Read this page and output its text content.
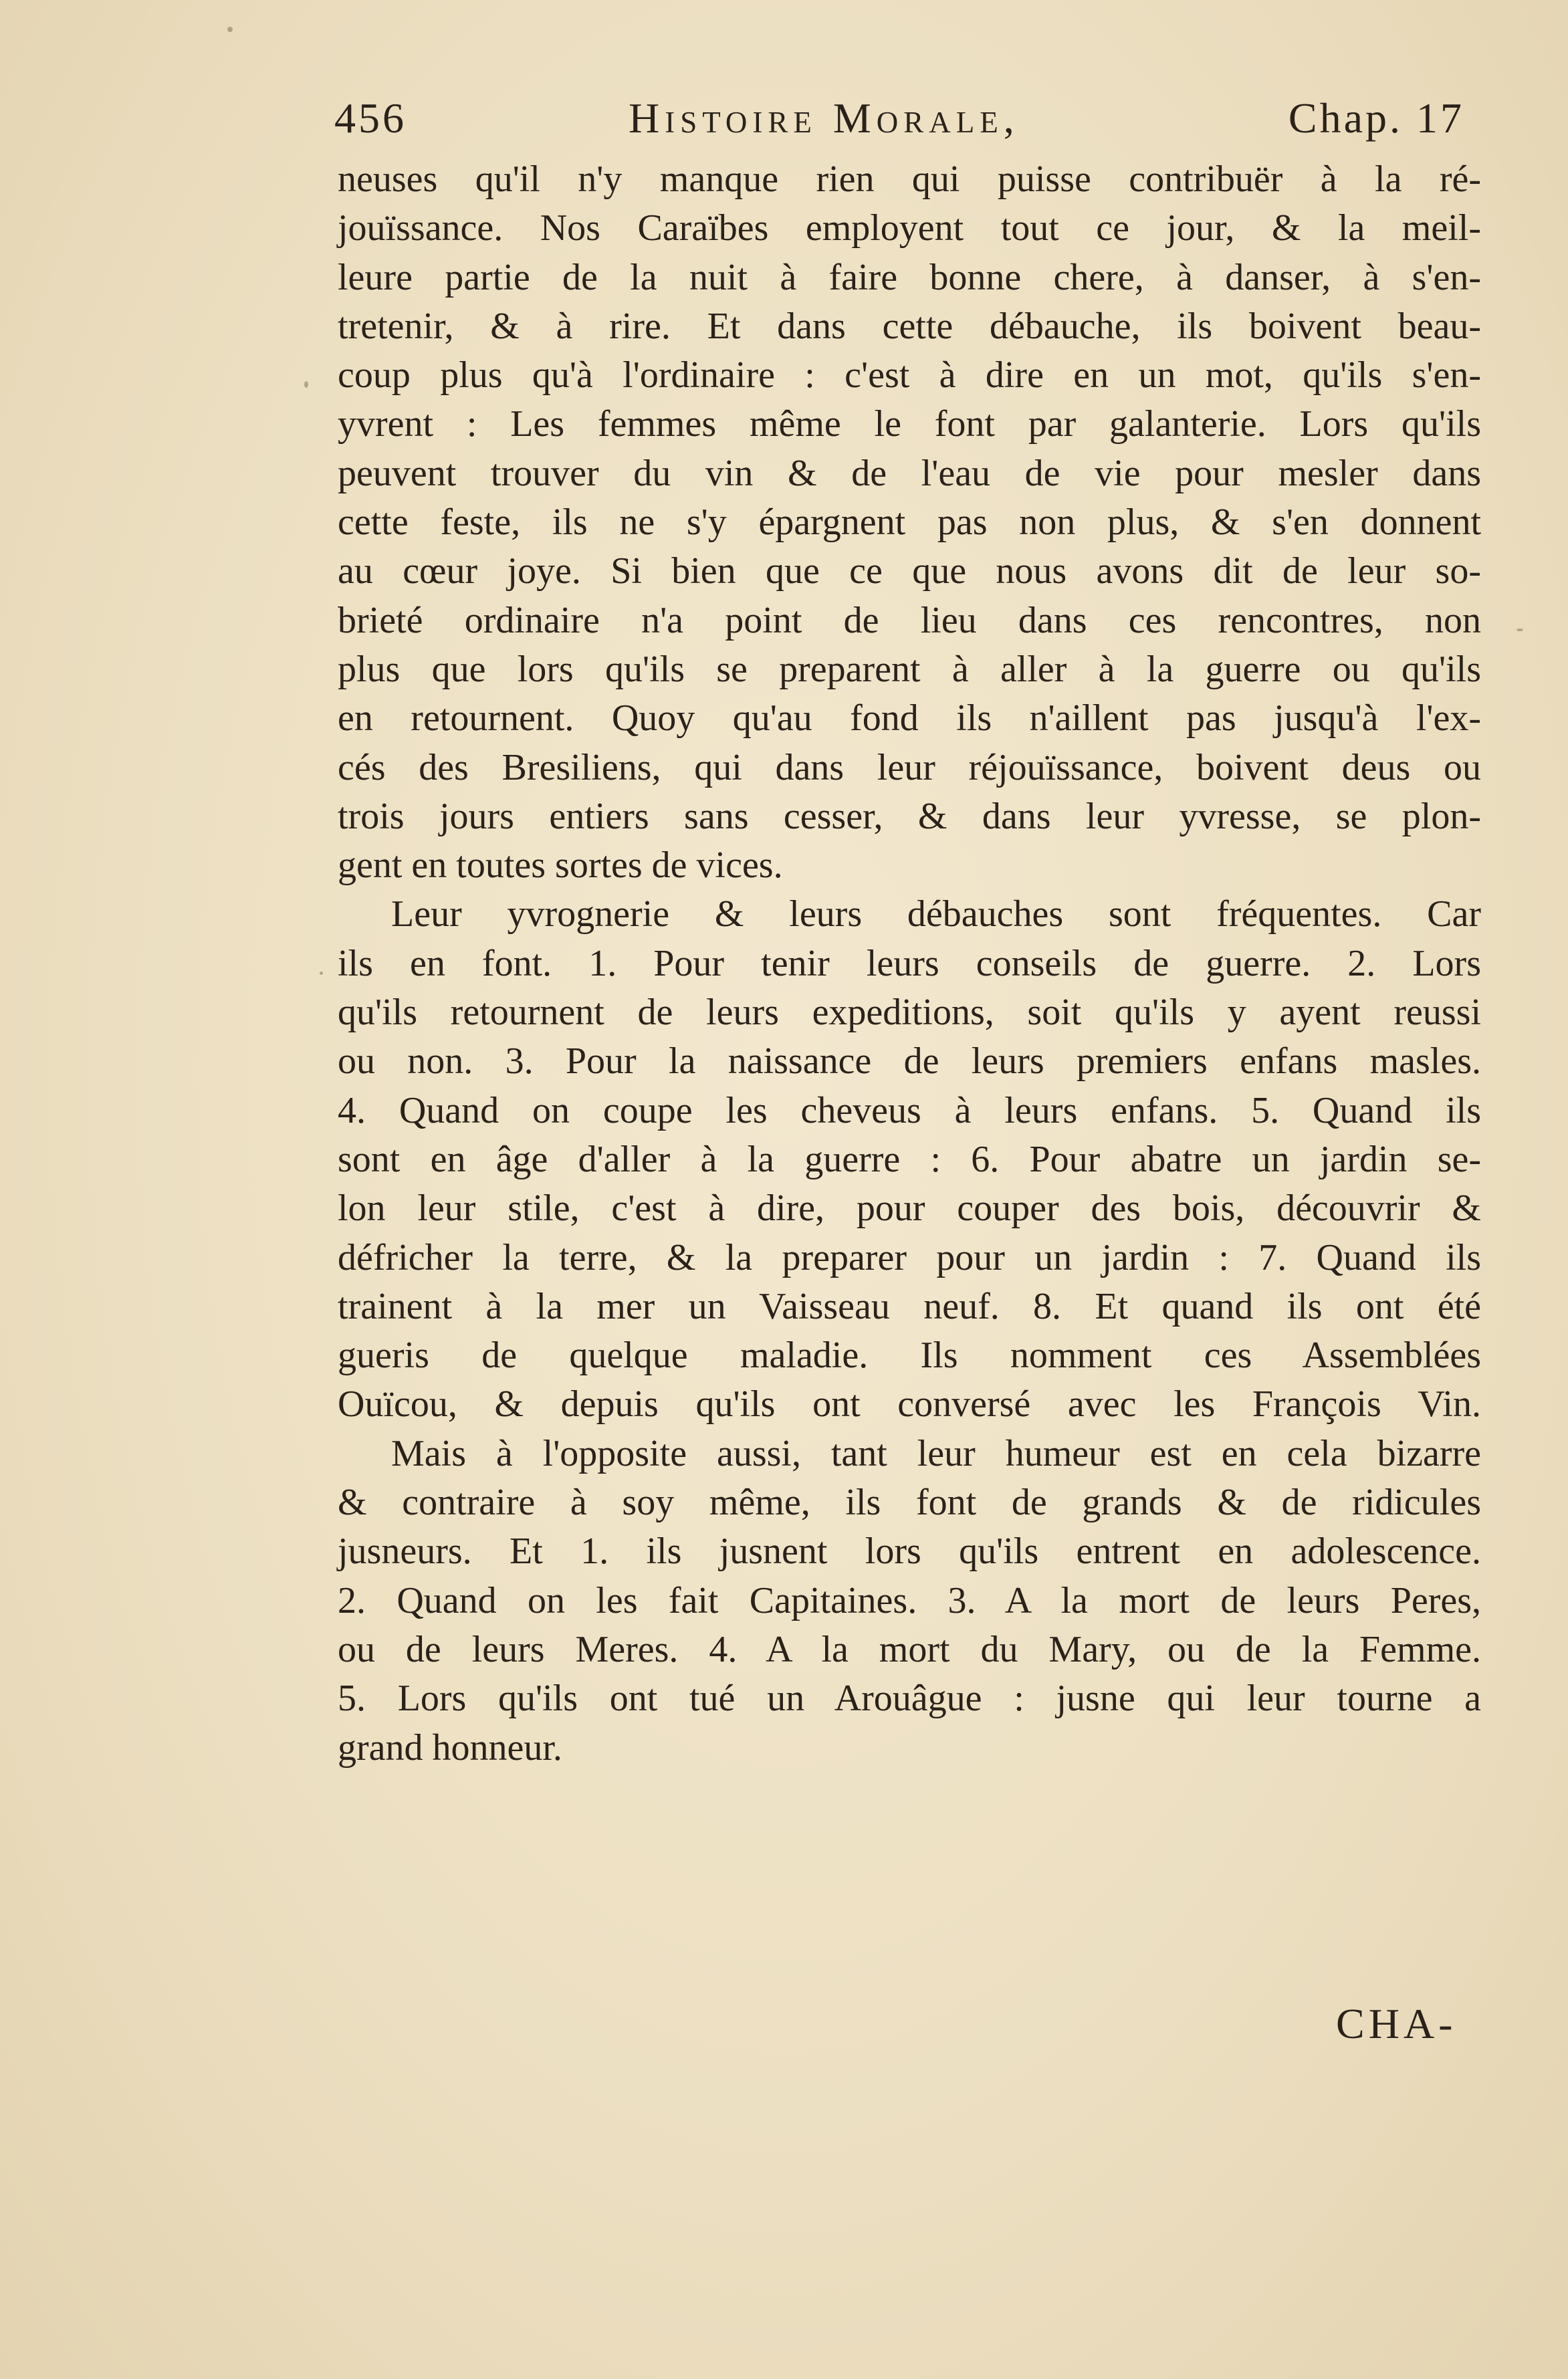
456	Histoire Morale,	Chap. 17
neuses qu'il n'y manque rien qui puisse contribuër à la ré-
jouïssance. Nos Caraïbes employent tout ce jour, & la meil-
leure partie de la nuit à faire bonne chere, à danser, à s'en-
tretenir, & à rire. Et dans cette débauche, ils boivent beau-
coup plus qu'à l'ordinaire : c'est à dire en un mot, qu'ils s'en-
yvrent : Les femmes même le font par galanterie. Lors qu'ils
peuvent trouver du vin & de l'eau de vie pour mesler dans
cette feste, ils ne s'y épargnent pas non plus, & s'en donnent
au cœur joye. Si bien que ce que nous avons dit de leur so-
brieté ordinaire n'a point de lieu dans ces rencontres, non
plus que lors qu'ils se preparent à aller à la guerre ou qu'ils
en retournent. Quoy qu'au fond ils n'aillent pas jusqu'à l'ex-
cés des Bresiliens, qui dans leur réjouïssance, boivent deus ou
trois jours entiers sans cesser, & dans leur yvresse, se plon-
gent en toutes sortes de vices.
Leur yvrognerie & leurs débauches sont fréquentes. Car
ils en font. 1. Pour tenir leurs conseils de guerre. 2. Lors
qu'ils retournent de leurs expeditions, soit qu'ils y ayent reussi
ou non. 3. Pour la naissance de leurs premiers enfans masles.
4. Quand on coupe les cheveus à leurs enfans. 5. Quand ils
sont en âge d'aller à la guerre : 6. Pour abatre un jardin se-
lon leur stile, c'est à dire, pour couper des bois, découvrir &
défricher la terre, & la preparer pour un jardin : 7. Quand ils
trainent à la mer un Vaisseau neuf. 8. Et quand ils ont été
gueris de quelque maladie. Ils nomment ces Assemblées
Ouïcou, & depuis qu'ils ont conversé avec les François Vin.
Mais à l'opposite aussi, tant leur humeur est en cela bizarre
& contraire à soy même, ils font de grands & de ridicules
jusneurs. Et 1. ils jusnent lors qu'ils entrent en adolescence.
2. Quand on les fait Capitaines. 3. A la mort de leurs Peres,
ou de leurs Meres. 4. A la mort du Mary, ou de la Femme.
5. Lors qu'ils ont tué un Arouâgue : jusne qui leur tourne a
grand honneur.
CHA-
